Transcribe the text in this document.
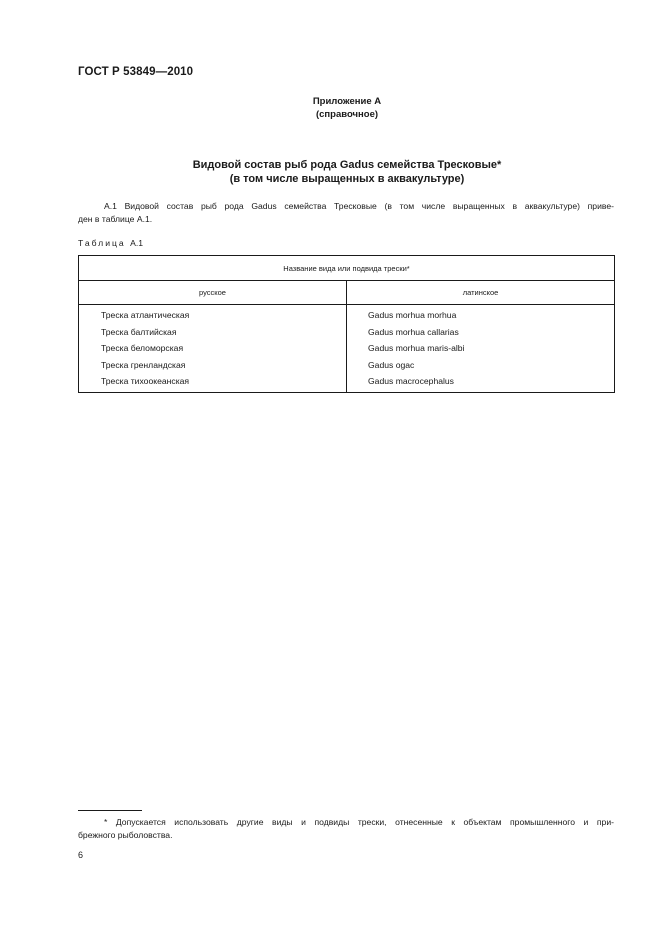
ГОСТ Р 53849—2010
Приложение А
(справочное)
Видовой состав рыб рода Gadus семейства Тресковые*
(в том числе выращенных в аквакультуре)
А.1 Видовой состав рыб рода Gadus семейства Тресковые (в том числе выращенных в аквакультуре) приве-
ден в таблице А.1.
Таблица А.1
Название вида или подвида трески*	
русское	латинское
Треска атлантическая	Gadus morhua morhua
Треска балтийская	Gadus morhua callarias
Треска беломорская	Gadus morhua maris-albi
Треска гренландская	Gadus ogac
Треска тихоокеанская	Gadus macrocephalus
* Допускается использовать другие виды и подвиды трески, отнесенные к объектам промышленного и при-
брежного рыболовства.
6
